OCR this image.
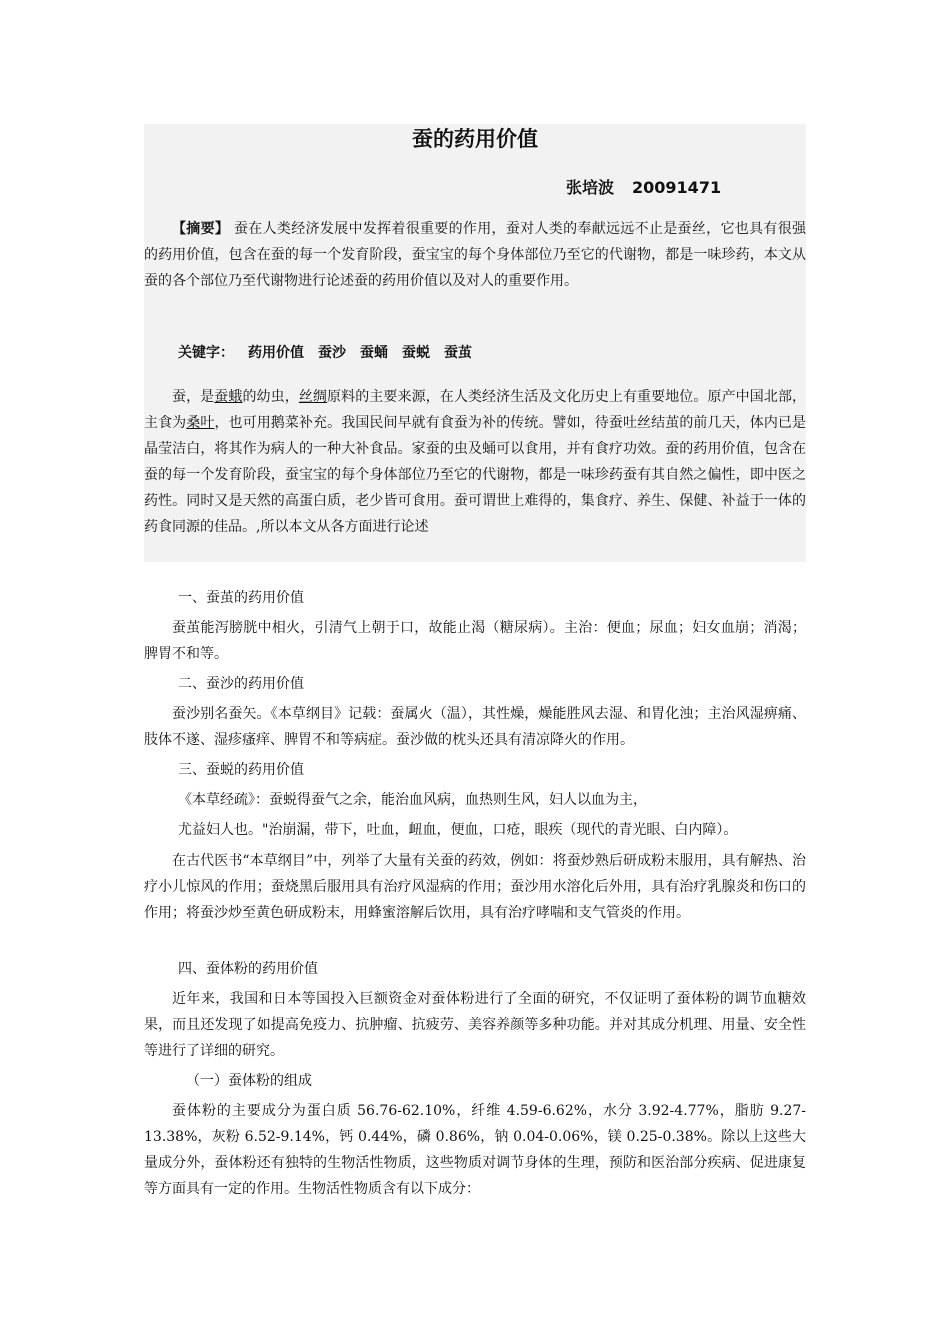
蚕的药用价值

张培波 20091471

【摘要】 蚕在人类经济发展中发挥着很重要的作用，蚕对人类的奉献远远不止是蚕丝，它也具有很强的药用价值，包含在蚕的每一个发育阶段，蚕宝宝的每个身体部位乃至它的代谢物，都是一味珍药，本文从蚕的各个部位乃至代谢物进行论述蚕的药用价值以及对人的重要作用。

关键字： 药用价值 蚕沙 蚕蛹 蚕蜕 蚕茧

蚕，是蚕蛾的幼虫，丝绸原料的主要来源，在人类经济生活及文化历史上有重要地位。原产中国北部，主食为桑叶，也可用鹅菜补充。我国民间早就有食蚕为补的传统。譬如，待蚕吐丝结茧的前几天，体内已是晶莹洁白，将其作为病人的一种大补食品。家蚕的虫及蛹可以食用，并有食疗功效。蚕的药用价值，包含在蚕的每一个发育阶段，蚕宝宝的每个身体部位乃至它的代谢物，都是一味珍药蚕有其自然之偏性，即中医之药性。同时又是天然的高蛋白质，老少皆可食用。蚕可谓世上难得的，集食疗、养生、保健、补益于一体的药食同源的佳品。,所以本文从各方面进行论述

一、蚕茧的药用价值

蚕茧能泻膀胱中相火，引清气上朝于口，故能止渴（糖尿病）。主治：便血；尿血；妇女血崩；消渴；脾胃不和等。

二、蚕沙的药用价值

蚕沙别名蚕矢。《本草纲目》记载：蚕属火（温），其性燥，燥能胜风去湿、和胃化浊；主治风湿痹痛、肢体不遂、湿疹瘙痒、脾胃不和等病症。蚕沙做的枕头还具有清凉降火的作用。

三、蚕蜕的药用价值

《本草经疏》：蚕蜕得蚕气之余，能治血风病，血热则生风，妇人以血为主，

尤益妇人也。"治崩漏，带下，吐血，衄血，便血，口疮，眼疾（现代的青光眼、白内障）。

在古代医书“本草纲目”中，列举了大量有关蚕的药效，例如：将蚕炒熟后研成粉末服用，具有解热、治疗小儿惊风的作用；蚕烧黑后服用具有治疗风湿病的作用；蚕沙用水溶化后外用，具有治疗乳腺炎和伤口的作用；将蚕沙炒至黄色研成粉末，用蜂蜜溶解后饮用，具有治疗哮喘和支气管炎的作用。

四、蚕体粉的药用价值

近年来，我国和日本等国投入巨额资金对蚕体粉进行了全面的研究，不仅证明了蚕体粉的调节血糖效果，而且还发现了如提高免疫力、抗肿瘤、抗疲劳、美容养颜等多种功能。并对其成分机理、用量、安全性等进行了详细的研究。

（一）蚕体粉的组成

蚕体粉的主要成分为蛋白质 56.76-62.10%，纤维 4.59-6.62%，水分 3.92-4.77%，脂肪 9.27-13.38%，灰粉 6.52-9.14%，钙 0.44%，磷 0.86%，钠 0.04-0.06%，镁 0.25-0.38%。除以上这些大量成分外，蚕体粉还有独特的生物活性物质，这些物质对调节身体的生理，预防和医治部分疾病、促进康复等方面具有一定的作用。生物活性物质含有以下成分：
